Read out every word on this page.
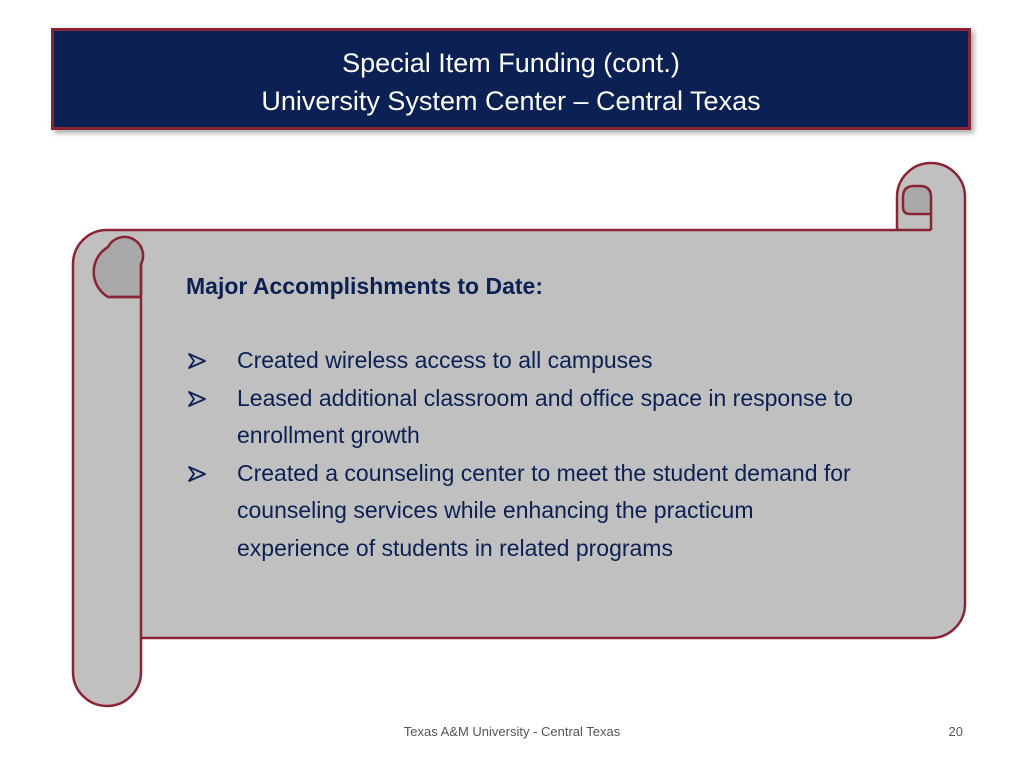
Special Item Funding (cont.)
University System Center – Central Texas
Major Accomplishments to Date:
Created wireless access to all campuses
Leased additional classroom and office space in response to enrollment growth
Created a counseling center to meet the student demand for counseling services while enhancing the practicum experience of students in related programs
Texas A&M University - Central Texas	20
